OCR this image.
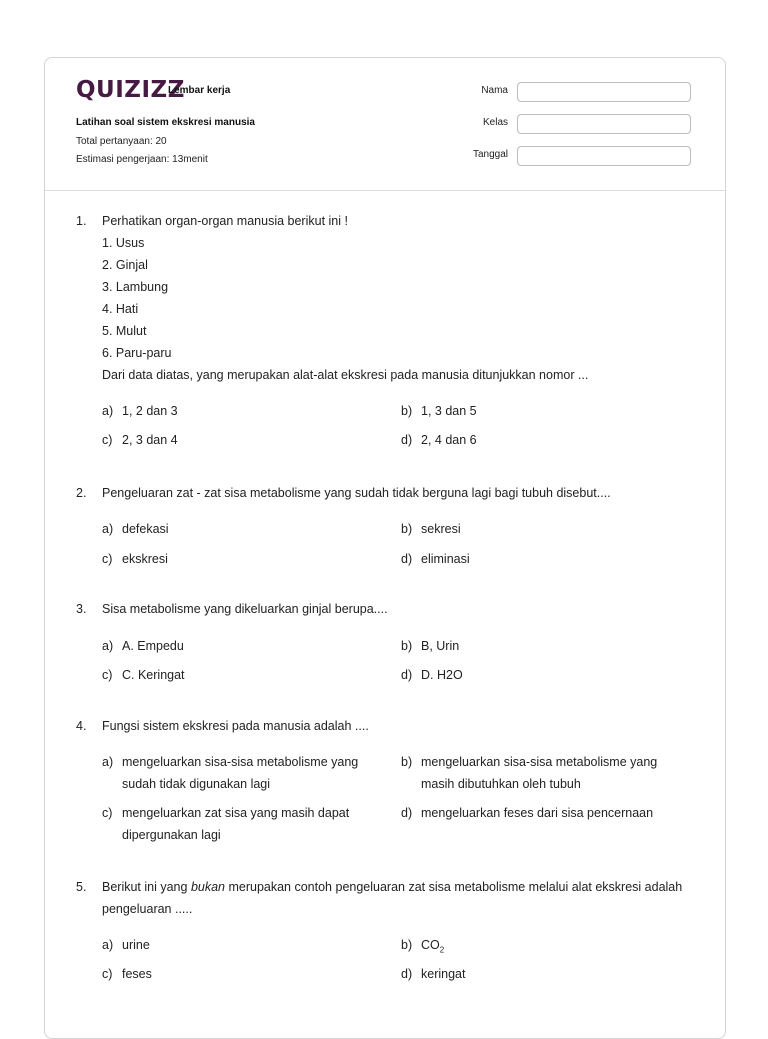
QUIZIZZ
Lembar kerja
Latihan soal sistem ekskresi manusia
Total pertanyaan: 20
Estimasi pengerjaan: 13menit
Nama
Kelas
Tanggal
1.	Perhatikan organ-organ manusia berikut ini !
1. Usus
2. Ginjal
3. Lambung
4. Hati
5. Mulut
6. Paru-paru
Dari data diatas, yang merupakan alat-alat ekskresi pada manusia ditunjukkan nomor ...
a) 1, 2 dan 3	b) 1, 3 dan 5
c) 2, 3 dan 4	d) 2, 4 dan 6
2.	Pengeluaran zat - zat sisa metabolisme yang sudah tidak berguna lagi bagi tubuh disebut....
a) defekasi	b) sekresi
c) ekskresi	d) eliminasi
3.	Sisa metabolisme yang dikeluarkan ginjal berupa....
a) A. Empedu	b) B, Urin
c) C. Keringat	d) D. H2O
4.	Fungsi sistem ekskresi pada manusia adalah ....
a) mengeluarkan sisa-sisa metabolisme yang sudah tidak digunakan lagi
b) mengeluarkan sisa-sisa metabolisme yang masih dibutuhkan oleh tubuh
c) mengeluarkan zat sisa yang masih dapat dipergunakan lagi
d) mengeluarkan feses dari sisa pencernaan
5.	Berikut ini yang bukan merupakan contoh pengeluaran zat sisa metabolisme melalui alat ekskresi adalah pengeluaran .....
a) urine	b) $CO_2$
c) feses	d) keringat
